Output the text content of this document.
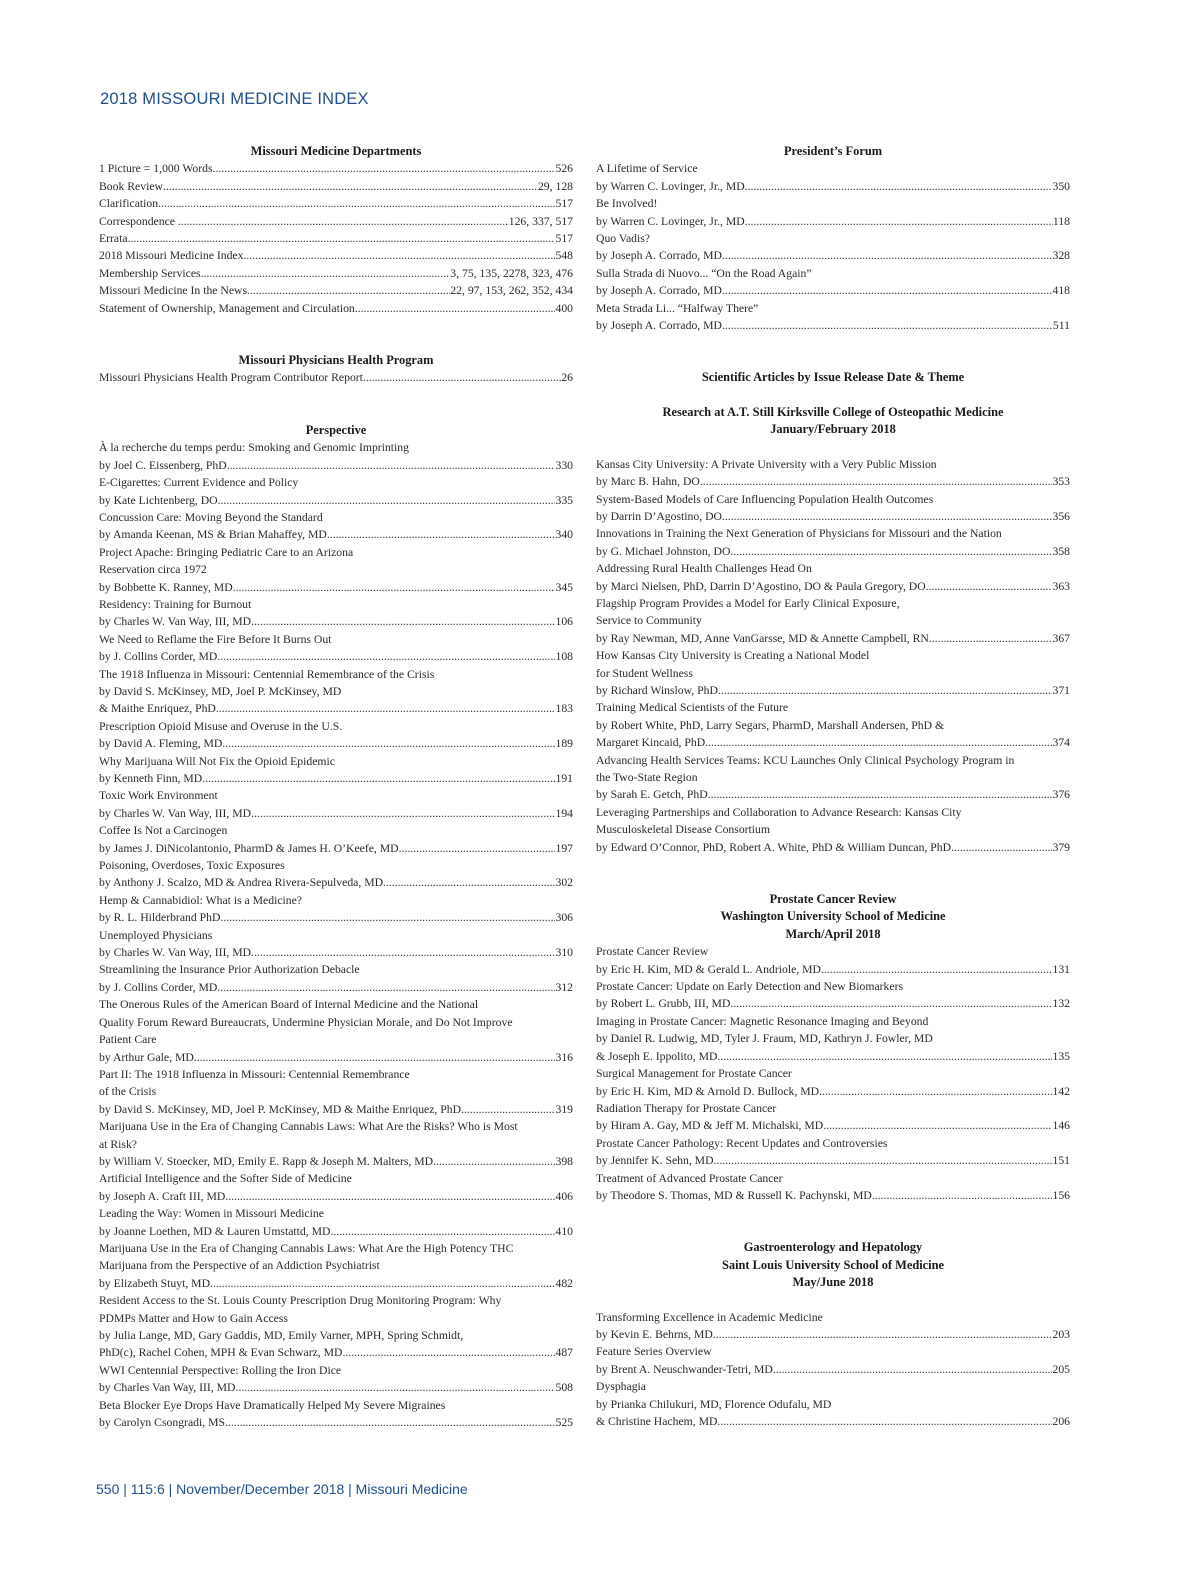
2018 MISSOURI MEDICINE INDEX
Missouri Medicine Departments
1 Picture = 1,000 Words .....	526
Book Review .....	29, 128
Clarification .....	517
Correspondence ............... .....	126, 337, 517
Errata .....	517
2018 Missouri Medicine Index .....	548
Membership Services .....	3, 75, 135, 2278, 323, 476
Missouri Medicine In the News .....	22, 97, 153, 262, 352, 434
Statement of Ownership, Management and Circulation .....	400
Missouri Physicians Health Program
Missouri Physicians Health Program Contributor Report .....	26
Perspective
À la recherche du temps perdu: Smoking and Genomic Imprinting
by Joel C. Eissenberg, PhD .....	330
E-Cigarettes: Current Evidence and Policy
by Kate Lichtenberg, DO .....	335
Concussion Care: Moving Beyond the Standard
by Amanda Keenan, MS & Brian Mahaffey, MD .....	340
Project Apache: Bringing Pediatric Care to an Arizona
Reservation circa 1972
by Bobbette K. Ranney, MD .....	345
Residency: Training for Burnout
by Charles W. Van Way, III, MD .....	106
We Need to Reflame the Fire Before It Burns Out
by J. Collins Corder, MD .....	108
The 1918 Influenza in Missouri: Centennial Remembrance of the Crisis
by David S. McKinsey, MD, Joel P. McKinsey, MD
& Maithe Enriquez, PhD .....	183
Prescription Opioid Misuse and Overuse in the U.S.
by David A. Fleming, MD .....	189
Why Marijuana Will Not Fix the Opioid Epidemic
by Kenneth Finn, MD .....	191
Toxic Work Environment
by Charles W. Van Way, III, MD .....	194
Coffee Is Not a Carcinogen
by James J. DiNicolantonio, PharmD & James H. O’Keefe, MD .....	197
Poisoning, Overdoses, Toxic Exposures
by Anthony J. Scalzo, MD & Andrea Rivera-Sepulveda, MD .....	302
Hemp & Cannabidiol: What is a Medicine?
by R. L. Hilderbrand PhD .....	306
Unemployed Physicians
by Charles W. Van Way, III, MD .....	310
Streamlining the Insurance Prior Authorization Debacle
by J. Collins Corder, MD .....	312
The Onerous Rules of the American Board of Internal Medicine and the National
Quality Forum Reward Bureaucrats, Undermine Physician Morale, and Do Not Improve
Patient Care
by Arthur Gale, MD .....	316
Part II: The 1918 Influenza in Missouri: Centennial Remembrance
of the Crisis
by David S. McKinsey, MD, Joel P. McKinsey, MD & Maithe Enriquez, PhD .....	319
Marijuana Use in the Era of Changing Cannabis Laws: What Are the Risks? Who is Most
at Risk?
by William V. Stoecker, MD, Emily E. Rapp & Joseph M. Malters, MD .....	398
Artificial Intelligence and the Softer Side of Medicine
by Joseph A. Craft III, MD .....	406
Leading the Way: Women in Missouri Medicine
by Joanne Loethen, MD & Lauren Umstattd, MD .....	410
Marijuana Use in the Era of Changing Cannabis Laws: What Are the High Potency THC
Marijuana from the Perspective of an Addiction Psychiatrist
by Elizabeth Stuyt, MD .....	482
Resident Access to the St. Louis County Prescription Drug Monitoring Program: Why
PDMPs Matter and How to Gain Access
by Julia Lange, MD, Gary Gaddis, MD, Emily Varner, MPH, Spring Schmidt,
PhD(c), Rachel Cohen, MPH & Evan Schwarz, MD .....	487
WWI Centennial Perspective: Rolling the Iron Dice
by Charles Van Way, III, MD .....	508
Beta Blocker Eye Drops Have Dramatically Helped My Severe Migraines
by Carolyn Csongradi, MS .....	525
President’s Forum
A Lifetime of Service
by Warren C. Lovinger, Jr., MD .....	350
Be Involved!
by Warren C. Lovinger, Jr., MD .....	118
Quo Vadis?
by Joseph A. Corrado, MD .....	328
Sulla Strada di Nuovo... “On the Road Again”
by Joseph A. Corrado, MD .....	418
Meta Strada Li... “Halfway There”
by Joseph A. Corrado, MD .....	511
Scientific Articles by Issue Release Date & Theme
Research at A.T. Still Kirksville College of Osteopathic Medicine
January/February 2018
Kansas City University: A Private University with a Very Public Mission
by Marc B. Hahn, DO .....	353
System-Based Models of Care Influencing Population Health Outcomes
by Darrin D’Agostino, DO .....	356
Innovations in Training the Next Generation of Physicians for Missouri and the Nation
by G. Michael Johnston, DO .....	358
Addressing Rural Health Challenges Head On
by Marci Nielsen, PhD, Darrin D’Agostino, DO & Paula Gregory, DO .....	363
Flagship Program Provides a Model for Early Clinical Exposure,
Service to Community
by Ray Newman, MD, Anne VanGarsse, MD & Annette Campbell, RN .....	367
How Kansas City University is Creating a National Model
for Student Wellness
by Richard Winslow, PhD .....	371
Training Medical Scientists of the Future
by Robert White, PhD, Larry Segars, PharmD, Marshall Andersen, PhD &
Margaret Kincaid, PhD .....	374
Advancing Health Services Teams: KCU Launches Only Clinical Psychology Program in
the Two-State Region
by Sarah E. Getch, PhD .....	376
Leveraging Partnerships and Collaboration to Advance Research: Kansas City
Musculoskeletal Disease Consortium
by Edward O’Connor, PhD, Robert A. White, PhD & William Duncan, PhD .....	379
Prostate Cancer Review
Washington University School of Medicine
March/April 2018
Prostate Cancer Review
by Eric H. Kim, MD & Gerald L. Andriole, MD .....	131
Prostate Cancer: Update on Early Detection and New Biomarkers
by Robert L. Grubb, III, MD .....	132
Imaging in Prostate Cancer: Magnetic Resonance Imaging and Beyond
by Daniel R. Ludwig, MD, Tyler J. Fraum, MD, Kathryn J. Fowler, MD
& Joseph E. Ippolito, MD .....	135
Surgical Management for Prostate Cancer
by Eric H. Kim, MD & Arnold D. Bullock, MD .....	142
Radiation Therapy for Prostate Cancer
by Hiram A. Gay, MD & Jeff M. Michalski, MD .....	146
Prostate Cancer Pathology: Recent Updates and Controversies
by Jennifer K. Sehn, MD .....	151
Treatment of Advanced Prostate Cancer
by Theodore S. Thomas, MD & Russell K. Pachynski, MD .....	156
Gastroenterology and Hepatology
Saint Louis University School of Medicine
May/June 2018
Transforming Excellence in Academic Medicine
by Kevin E. Behrns, MD .....	203
Feature Series Overview
by Brent A. Neuschwander-Tetri, MD .....	205
Dysphagia
by Prianka Chilukuri, MD, Florence Odufalu, MD
& Christine Hachem, MD .....	206
550 | 115:6 | November/December 2018 | Missouri Medicine
